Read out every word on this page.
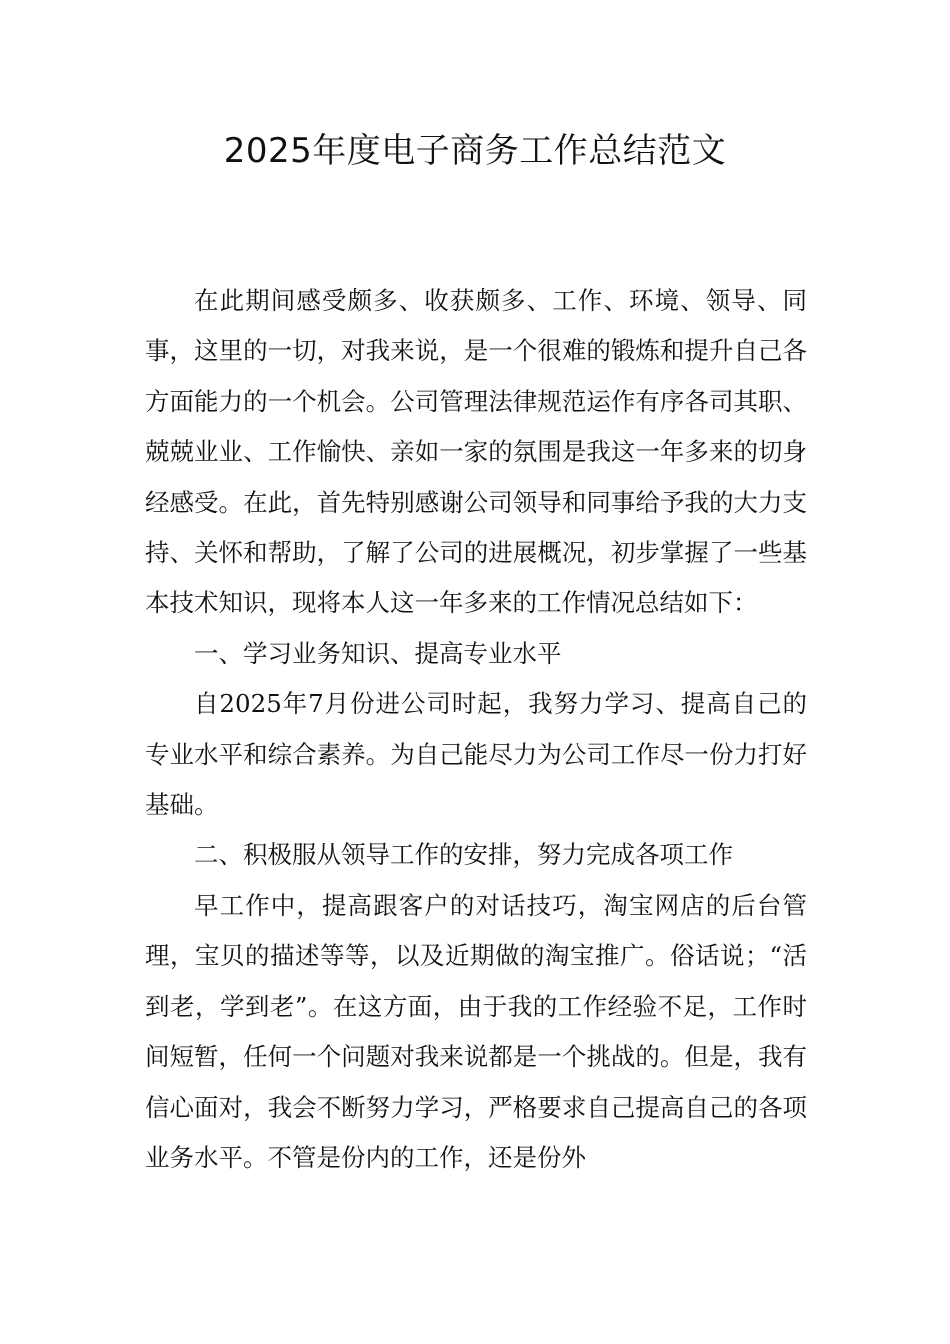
2025年度电子商务工作总结范文

在此期间感受颇多、收获颇多、工作、环境、领导、同事，这里的一切，对我来说，是一个很难的锻炼和提升自己各方面能力的一个机会。公司管理法律规范运作有序各司其职、兢兢业业、工作愉快、亲如一家的氛围是我这一年多来的切身经感受。在此，首先特别感谢公司领导和同事给予我的大力支持、关怀和帮助，了解了公司的进展概况，初步掌握了一些基本技术知识，现将本人这一年多来的工作情况总结如下：

一、学习业务知识、提高专业水平

自2025年7月份进公司时起，我努力学习、提高自己的专业水平和综合素养。为自己能尽力为公司工作尽一份力打好基础。

二、积极服从领导工作的安排，努力完成各项工作

早工作中，提高跟客户的对话技巧，淘宝网店的后台管理，宝贝的描述等等，以及近期做的淘宝推广。俗话说；“活到老，学到老”。在这方面，由于我的工作经验不足，工作时间短暂，任何一个问题对我来说都是一个挑战的。但是，我有信心面对，我会不断努力学习，严格要求自己提高自己的各项业务水平。不管是份内的工作，还是份外
